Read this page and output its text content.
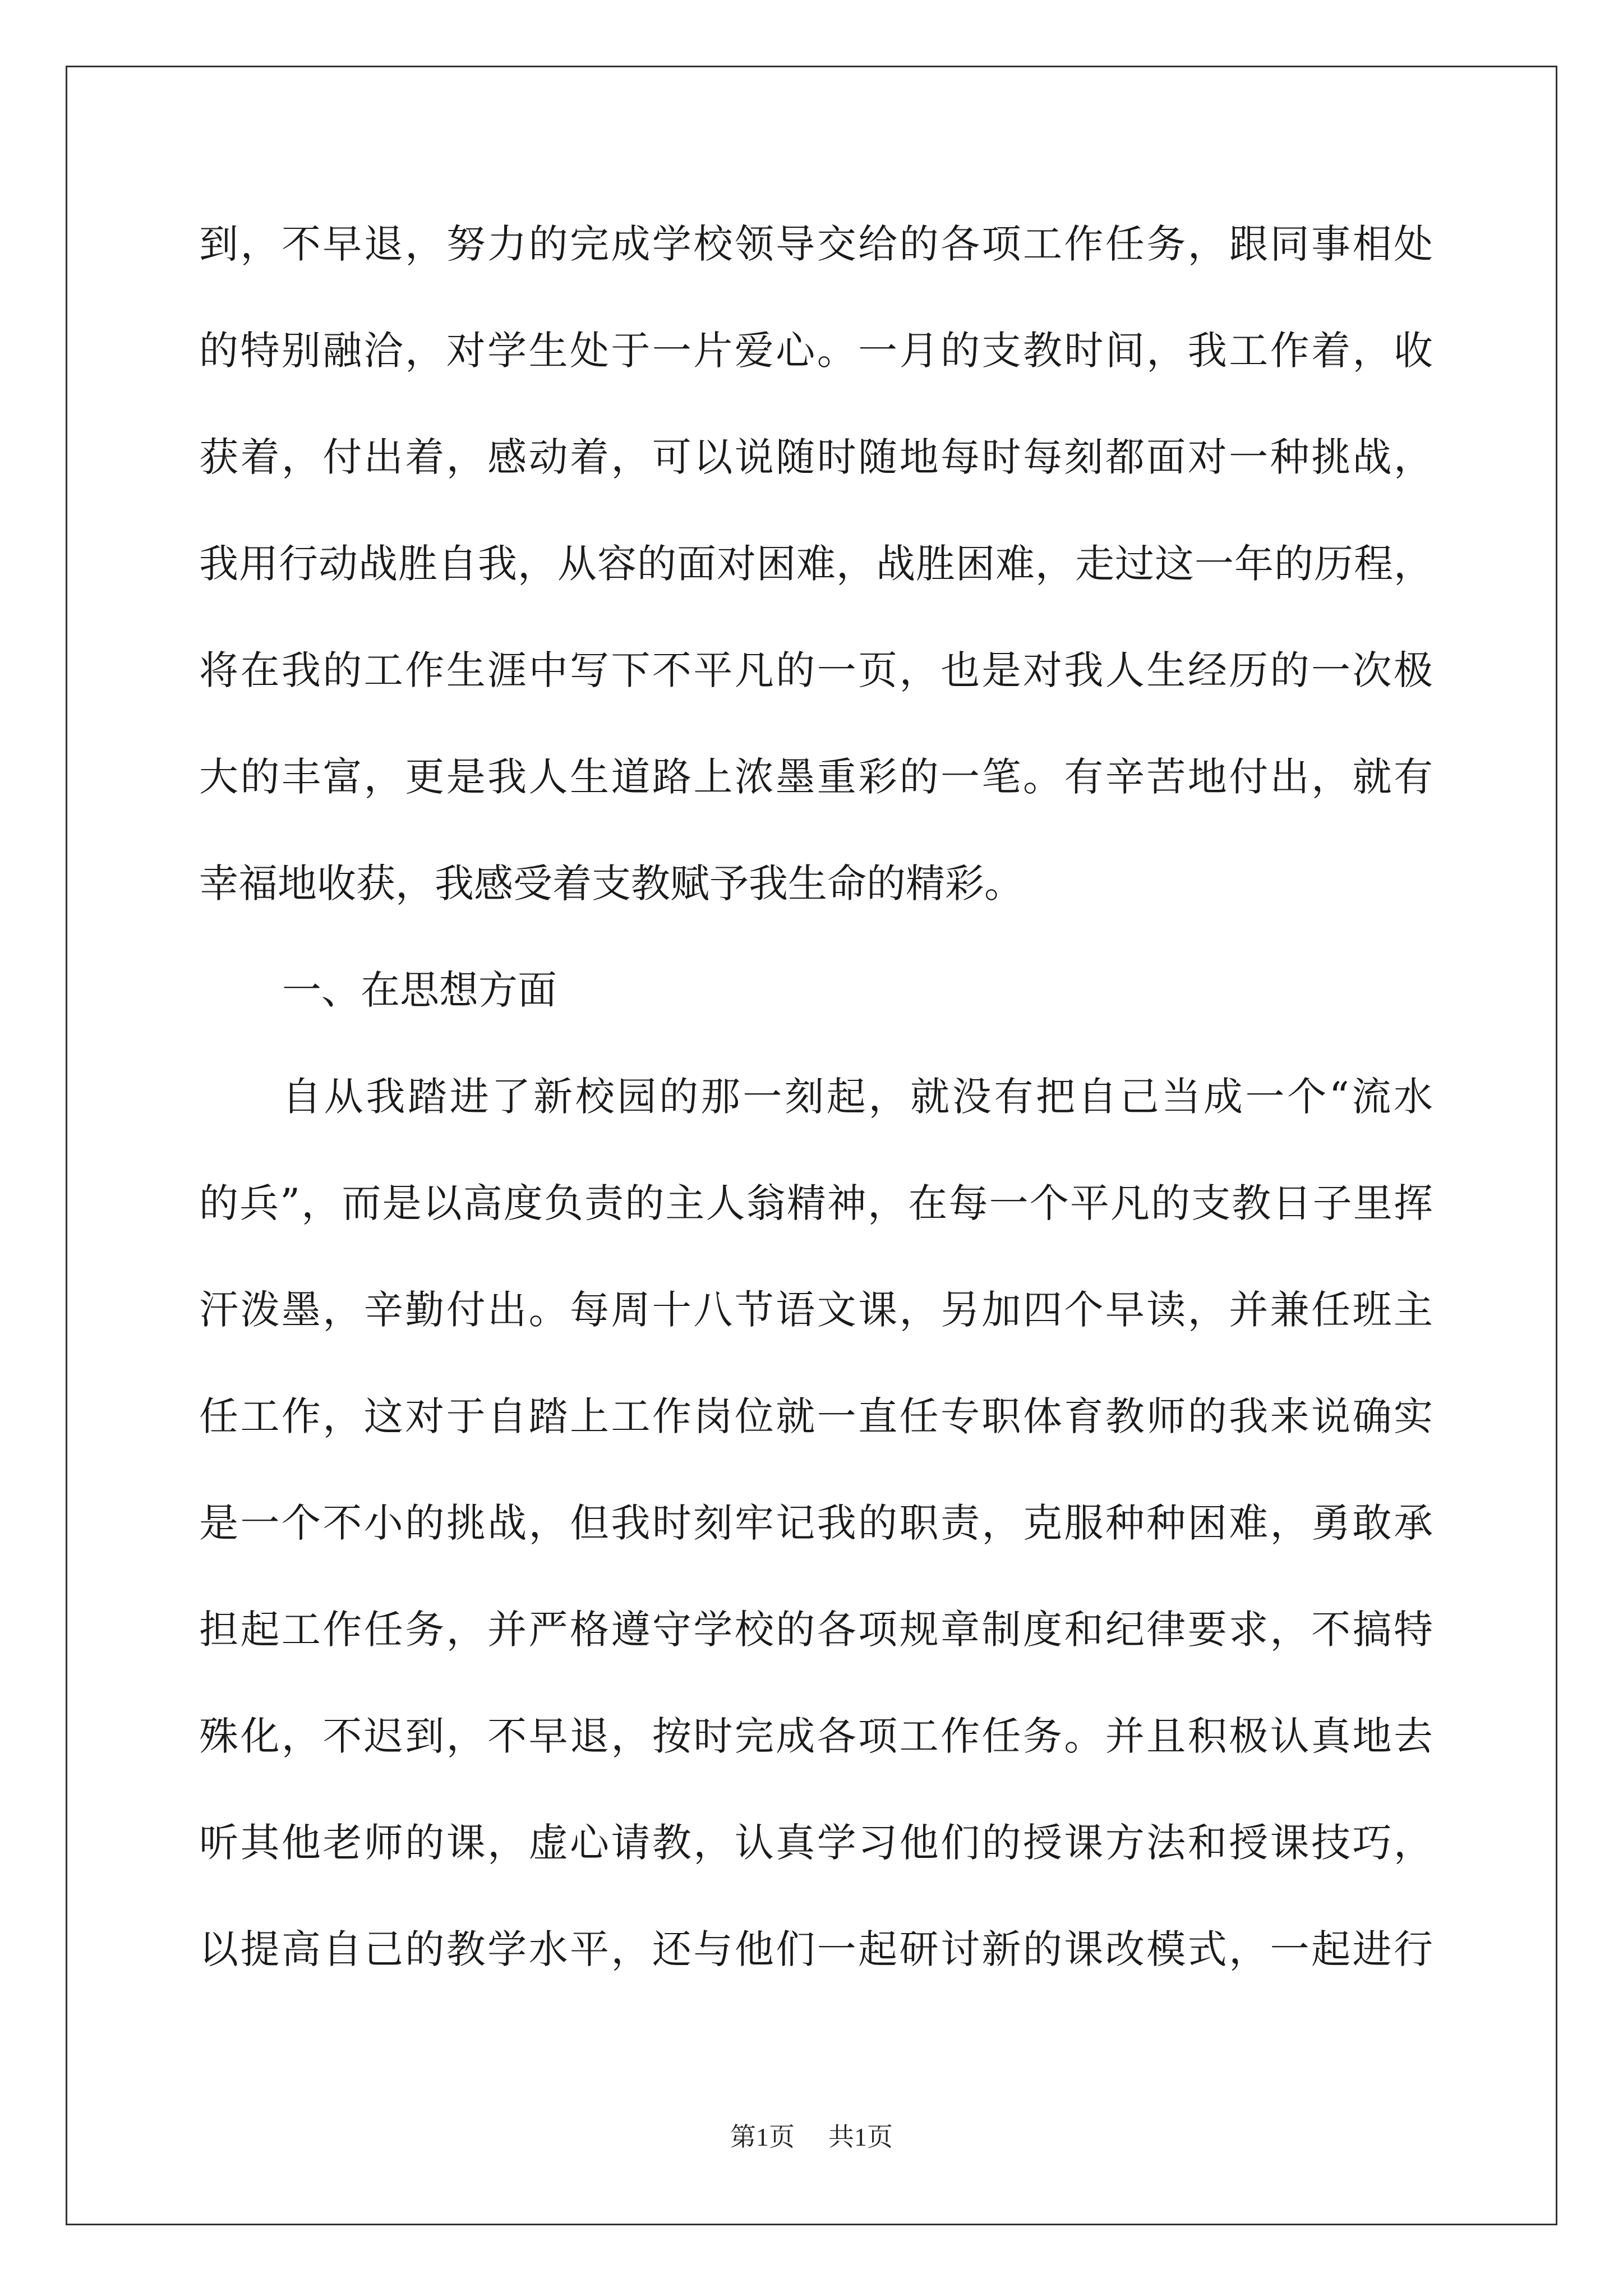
到，不早退，努力的完成学校领导交给的各项工作任务，跟同事相处
的特别融洽，对学生处于一片爱心。一月的支教时间，我工作着，收
获着，付出着，感动着，可以说随时随地每时每刻都面对一种挑战，
我用行动战胜自我，从容的面对困难，战胜困难，走过这一年的历程，
将在我的工作生涯中写下不平凡的一页，也是对我人生经历的一次极
大的丰富，更是我人生道路上浓墨重彩的一笔。有辛苦地付出，就有
幸福地收获，我感受着支教赋予我生命的精彩。
一、在思想方面
自从我踏进了新校园的那一刻起，就没有把自己当成一个“流水
的兵”，而是以高度负责的主人翁精神，在每一个平凡的支教日子里挥
汗泼墨，辛勤付出。每周十八节语文课，另加四个早读，并兼任班主
任工作，这对于自踏上工作岗位就一直任专职体育教师的我来说确实
是一个不小的挑战，但我时刻牢记我的职责，克服种种困难，勇敢承
担起工作任务，并严格遵守学校的各项规章制度和纪律要求，不搞特
殊化，不迟到，不早退，按时完成各项工作任务。并且积极认真地去
听其他老师的课，虚心请教，认真学习他们的授课方法和授课技巧，
以提高自己的教学水平，还与他们一起研讨新的课改模式，一起进行
第1页 共1页
